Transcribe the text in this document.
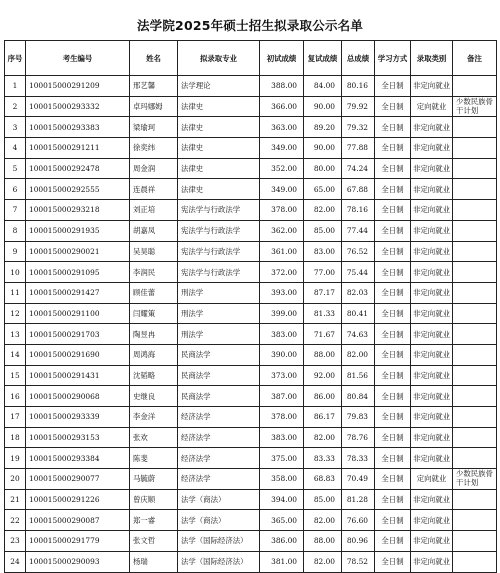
法学院2025年硕士招生拟录取公示名单
序号	考生编号	姓名	拟录取专业	初试成绩	复试成绩	总成绩	学习方式	录取类别	备注
1	100015000291209	邢艺馨	法学理论	388.00	84.00	80.16	全日制	非定向就业	
2	100015000293332	卓玛娜姆	法律史	366.00	90.00	79.92	全日制	定向就业	少数民族骨干计划
3	100015000293383	梁瑜珂	法律史	363.00	89.20	79.32	全日制	非定向就业	
4	100015000291211	徐奕纬	法律史	349.00	90.00	77.88	全日制	非定向就业	
5	100015000292478	周金润	法律史	352.00	80.00	74.24	全日制	非定向就业	
6	100015000292555	连晨祥	法律史	349.00	65.00	67.88	全日制	非定向就业	
7	100015000293218	刘正培	宪法学与行政法学	378.00	82.00	78.16	全日制	非定向就业	
8	100015000291935	胡嘉凤	宪法学与行政法学	362.00	85.00	77.44	全日制	非定向就业	
9	100015000290021	吴昊聪	宪法学与行政法学	361.00	83.00	76.52	全日制	非定向就业	
10	100015000291095	李润民	宪法学与行政法学	372.00	77.00	75.44	全日制	非定向就业	
11	100015000291427	顾佳蕾	刑法学	393.00	87.17	82.03	全日制	非定向就业	
12	100015000291100	闫耀策	刑法学	399.00	81.33	80.41	全日制	非定向就业	
13	100015000291703	陶昱冉	刑法学	383.00	71.67	74.63	全日制	非定向就业	
14	100015000291690	周鸿海	民商法学	390.00	88.00	82.00	全日制	非定向就业	
15	100015000291431	沈韬略	民商法学	373.00	92.00	81.56	全日制	非定向就业	
16	100015000290068	史继良	民商法学	387.00	86.00	80.84	全日制	非定向就业	
17	100015000293339	李金洋	经济法学	378.00	86.17	79.83	全日制	非定向就业	
18	100015000293153	张欢	经济法学	383.00	82.00	78.76	全日制	非定向就业	
19	100015000293384	陈斐	经济法学	375.00	83.33	78.33	全日制	非定向就业	
20	100015000290077	马毓蔚	经济法学	358.00	68.83	70.49	全日制	定向就业	少数民族骨干计划
21	100015000291226	曾庆顺	法学（商法）	394.00	85.00	81.28	全日制	非定向就业	
22	100015000290087	郑一睿	法学（商法）	365.00	82.00	76.60	全日制	非定向就业	
23	100015000291779	张文哲	法学（国际经济法）	386.00	88.00	80.96	全日制	非定向就业	
24	100015000290093	杨瑞	法学（国际经济法）	381.00	82.00	78.52	全日制	非定向就业	
